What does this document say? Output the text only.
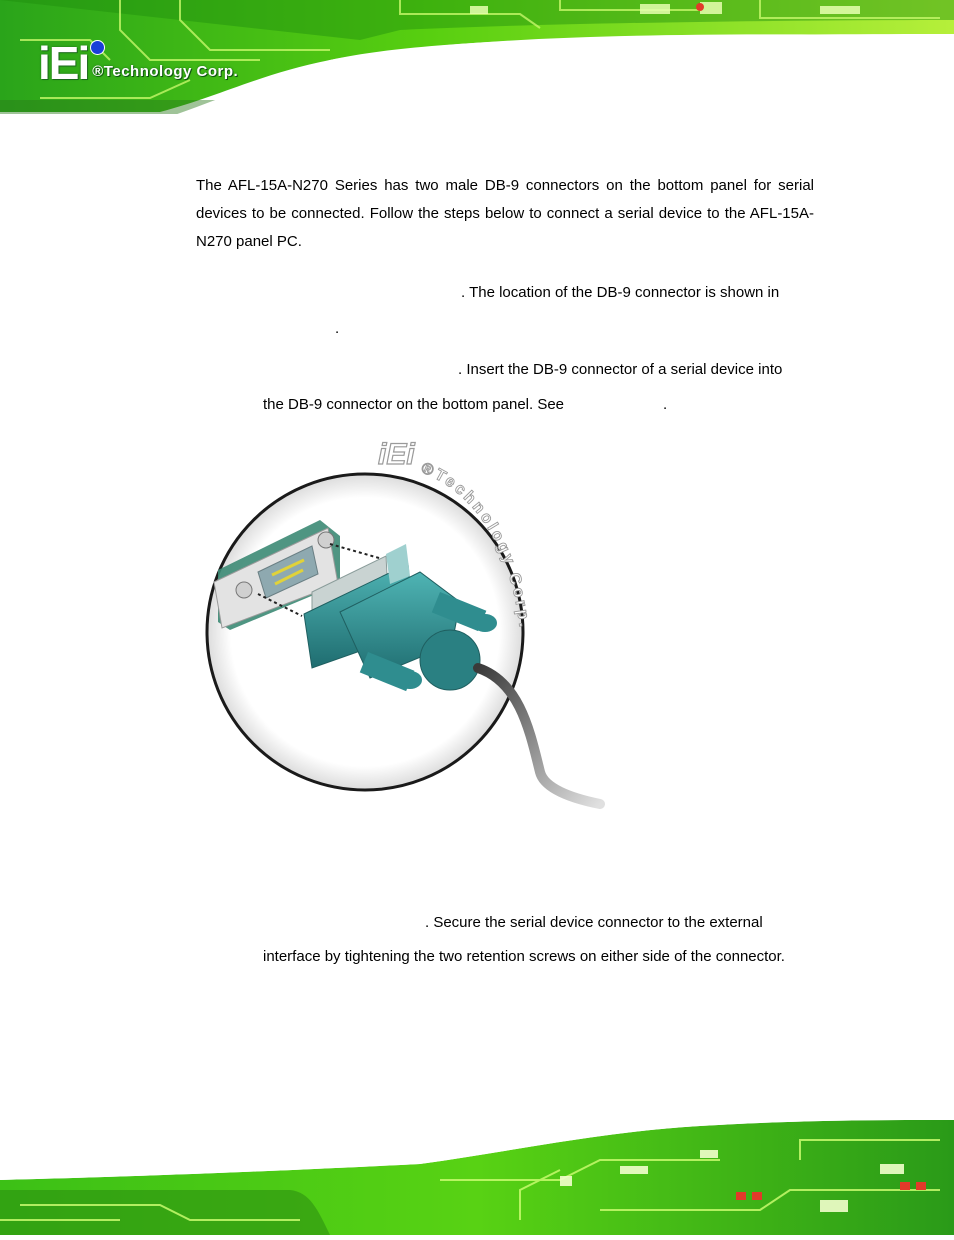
iEi ®Technology Corp.

The AFL-15A-N270 Series has two male DB-9 connectors on the bottom panel for serial devices to be connected. Follow the steps below to connect a serial device to the AFL-15A-N270 panel PC.

. The location of the DB-9 connector is shown in

.

. Insert the DB-9 connector of a serial device into

the DB-9 connector on the bottom panel. See	.

iEi ®Technology Corp.

. Secure the serial device connector to the external

interface by tightening the two retention screws on either side of the connector.
